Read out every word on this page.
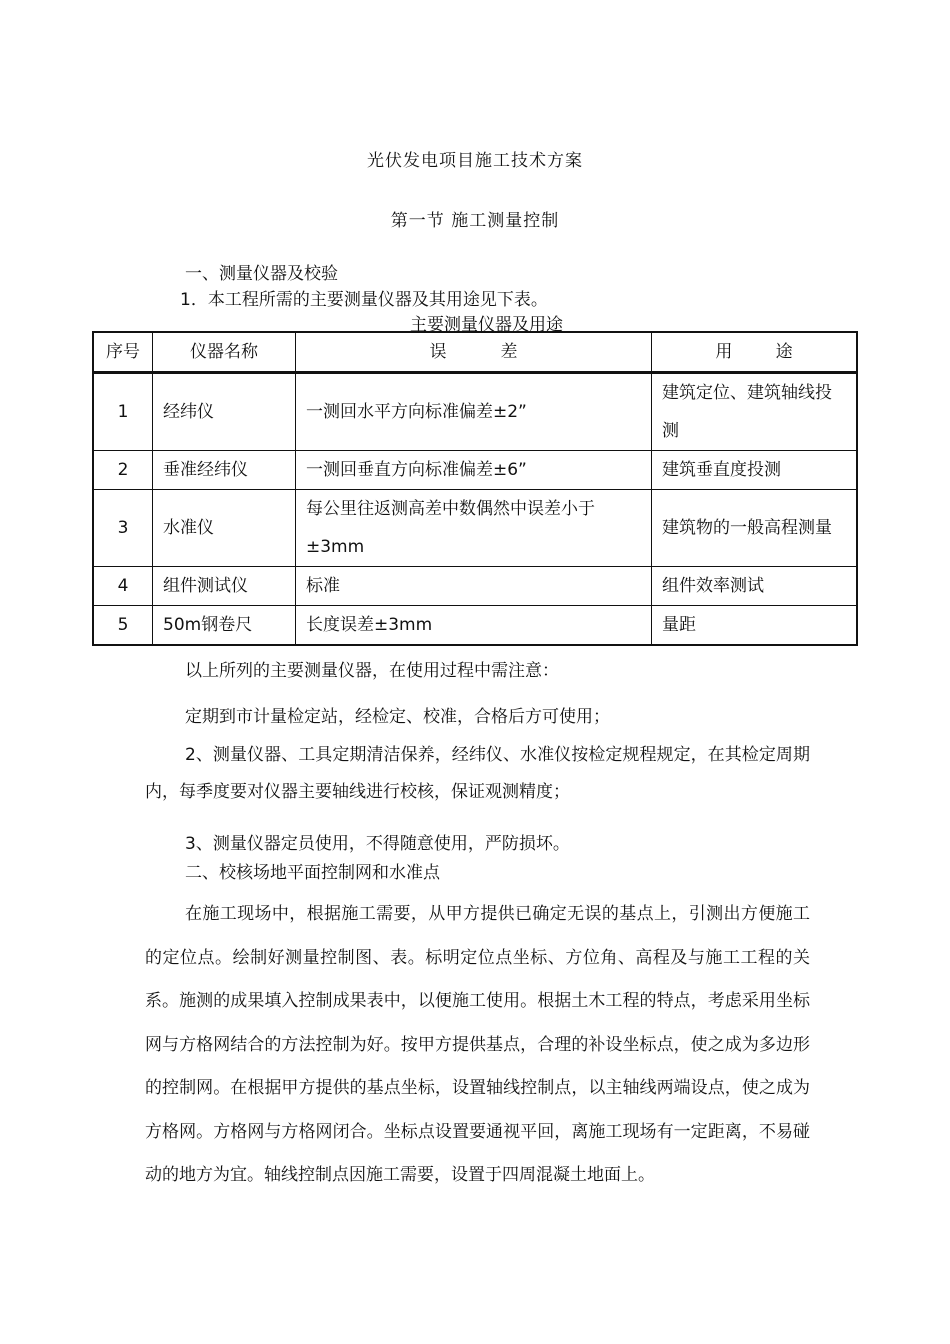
光伏发电项目施工技术方案
第一节 施工测量控制
一、测量仪器及校验
1．本工程所需的主要测量仪器及其用途见下表。
主要测量仪器及用途
序号	仪器名称	误          差	用        途
1	经纬仪	一测回水平方向标准偏差±2”	建筑定位、建筑轴线投测
2	垂准经纬仪	一测回垂直方向标准偏差±6”	建筑垂直度投测
3	水准仪	每公里往返测高差中数偶然中误差小于±3mm	建筑物的一般高程测量
4	组件测试仪	标准	组件效率测试
5	50m钢卷尺	长度误差±3mm	量距
以上所列的主要测量仪器，在使用过程中需注意：
定期到市计量检定站，经检定、校准，合格后方可使用；
2、测量仪器、工具定期清洁保养，经纬仪、水准仪按检定规程规定，在其检定周期内，每季度要对仪器主要轴线进行校核，保证观测精度；
3、测量仪器定员使用，不得随意使用，严防损坏。
二、校核场地平面控制网和水准点
在施工现场中，根据施工需要，从甲方提供已确定无误的基点上，引测出方便施工的定位点。绘制好测量控制图、表。标明定位点坐标、方位角、高程及与施工工程的关系。施测的成果填入控制成果表中，以便施工使用。根据土木工程的特点，考虑采用坐标网与方格网结合的方法控制为好。按甲方提供基点，合理的补设坐标点，使之成为多边形的控制网。在根据甲方提供的基点坐标，设置轴线控制点，以主轴线两端设点，使之成为方格网。方格网与方格网闭合。坐标点设置要通视平回，离施工现场有一定距离，不易碰动的地方为宜。轴线控制点因施工需要，设置于四周混凝土地面上。
